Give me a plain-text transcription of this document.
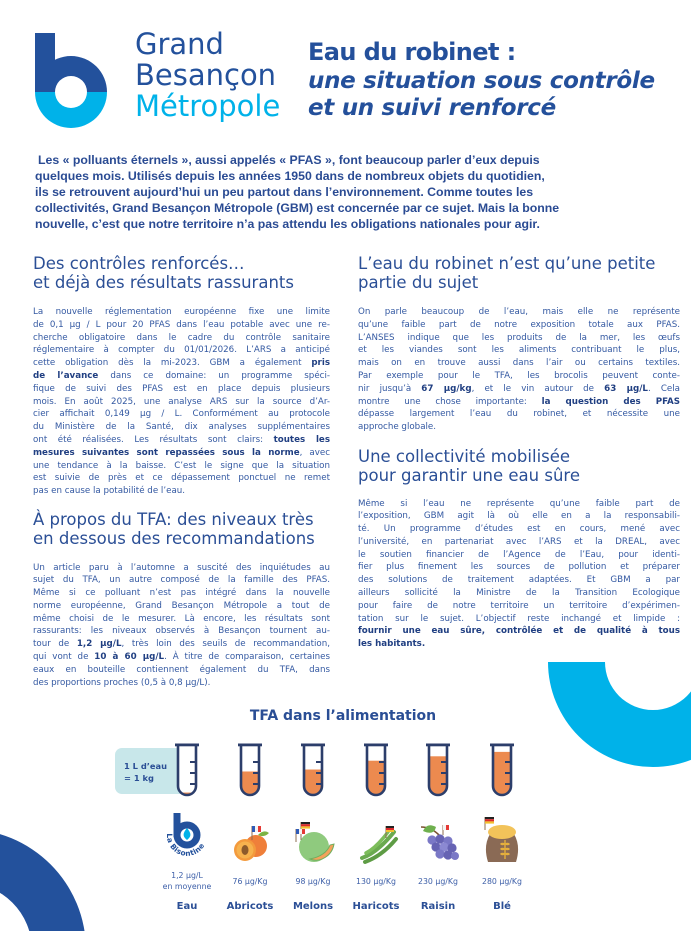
Grand
Besançon
Métropole
Eau du robinet :
une situation sous contrôle
et un suivi renforcé
Les « polluants éternels », aussi appelés « PFAS », font beaucoup parler d’eux depuis
quelques mois. Utilisés depuis les années 1950 dans de nombreux objets du quotidien,
ils se retrouvent aujourd’hui un peu partout dans l’environnement. Comme toutes les
collectivités, Grand Besançon Métropole (GBM) est concernée par ce sujet. Mais la bonne
nouvelle, c’est que notre territoire n’a pas attendu les obligations nationales pour agir.
Des contrôles renforcés…
et déjà des résultats rassurants
La nouvelle réglementation européenne fixe une limite
de 0,1 µg / L pour 20 PFAS dans l’eau potable avec une re-
cherche obligatoire dans le cadre du contrôle sanitaire
réglementaire à compter du 01/01/2026. L’ARS a anticipé
cette obligation dès la mi-2023. GBM a également pris
de l’avance dans ce domaine: un programme spéci-
fique de suivi des PFAS est en place depuis plusieurs
mois. En août 2025, une analyse ARS sur la source d’Ar-
cier affichait 0,149 µg / L. Conformément au protocole
du Ministère de la Santé, dix analyses supplémentaires
ont été réalisées. Les résultats sont clairs: toutes les
mesures suivantes sont repassées sous la norme, avec
une tendance à la baisse. C’est le signe que la situation
est suivie de près et ce dépassement ponctuel ne remet
pas en cause la potabilité de l’eau.
À propos du TFA: des niveaux très
en dessous des recommandations
Un article paru à l’automne a suscité des inquiétudes au
sujet du TFA, un autre composé de la famille des PFAS.
Même si ce polluant n’est pas intégré dans la nouvelle
norme européenne, Grand Besançon Métropole a tout de
même choisi de le mesurer. Là encore, les résultats sont
rassurants: les niveaux observés à Besançon tournent au-
tour de 1,2 µg/L, très loin des seuils de recommandation,
qui vont de 10 à 60 µg/L. À titre de comparaison, certaines
eaux en bouteille contiennent également du TFA, dans
des proportions proches (0,5 à 0,8 µg/L).
L’eau du robinet n’est qu’une petite
partie du sujet
On parle beaucoup de l’eau, mais elle ne représente
qu’une faible part de notre exposition totale aux PFAS.
L’ANSES indique que les produits de la mer, les œufs
et les viandes sont les aliments contribuant le plus,
mais on en trouve aussi dans l’air ou certains textiles.
Par exemple pour le TFA, les brocolis peuvent conte-
nir jusqu’à 67 µg/kg, et le vin autour de 63 µg/L. Cela
montre une chose importante: la question des PFAS
dépasse largement l’eau du robinet, et nécessite une
approche globale.
Une collectivité mobilisée
pour garantir une eau sûre
Même si l’eau ne représente qu’une faible part de
l’exposition, GBM agit là où elle en a la responsabili-
té. Un programme d’études est en cours, mené avec
l’université, en partenariat avec l’ARS et la DREAL, avec
le soutien financier de l’Agence de l’Eau, pour identi-
fier plus finement les sources de pollution et préparer
des solutions de traitement adaptées. Et GBM a par
ailleurs sollicité la Ministre de la Transition Ecologique
pour faire de notre territoire un territoire d’expérimen-
tation sur le sujet. L’objectif reste inchangé et limpide :
fournir une eau sûre, contrôlée et de qualité à tous
les habitants.
TFA dans l’alimentation
1 L d’eau
= 1 kg
La Bisontine
1,2 µg/L
en moyenne
Eau
76 µg/Kg
Abricots
98 µg/Kg
Melons
130 µg/Kg
Haricots
230 µg/Kg
Raisin
280 µg/Kg
Blé
